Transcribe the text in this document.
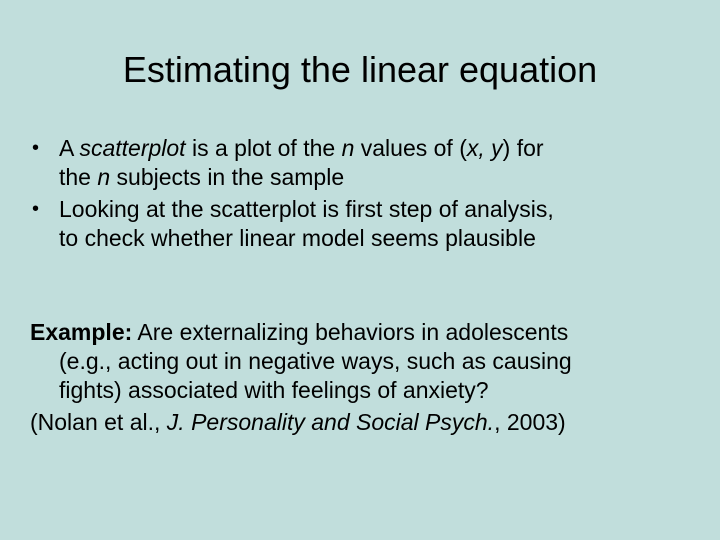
Estimating the linear equation
• A scatterplot is a plot of the n values of (x, y) for
the n subjects in the sample
• Looking at the scatterplot is first step of analysis,
to check whether linear model seems plausible
Example: Are externalizing behaviors in adolescents
(e.g., acting out in negative ways, such as causing
fights) associated with feelings of anxiety?
(Nolan et al., J. Personality and Social Psych., 2003)
